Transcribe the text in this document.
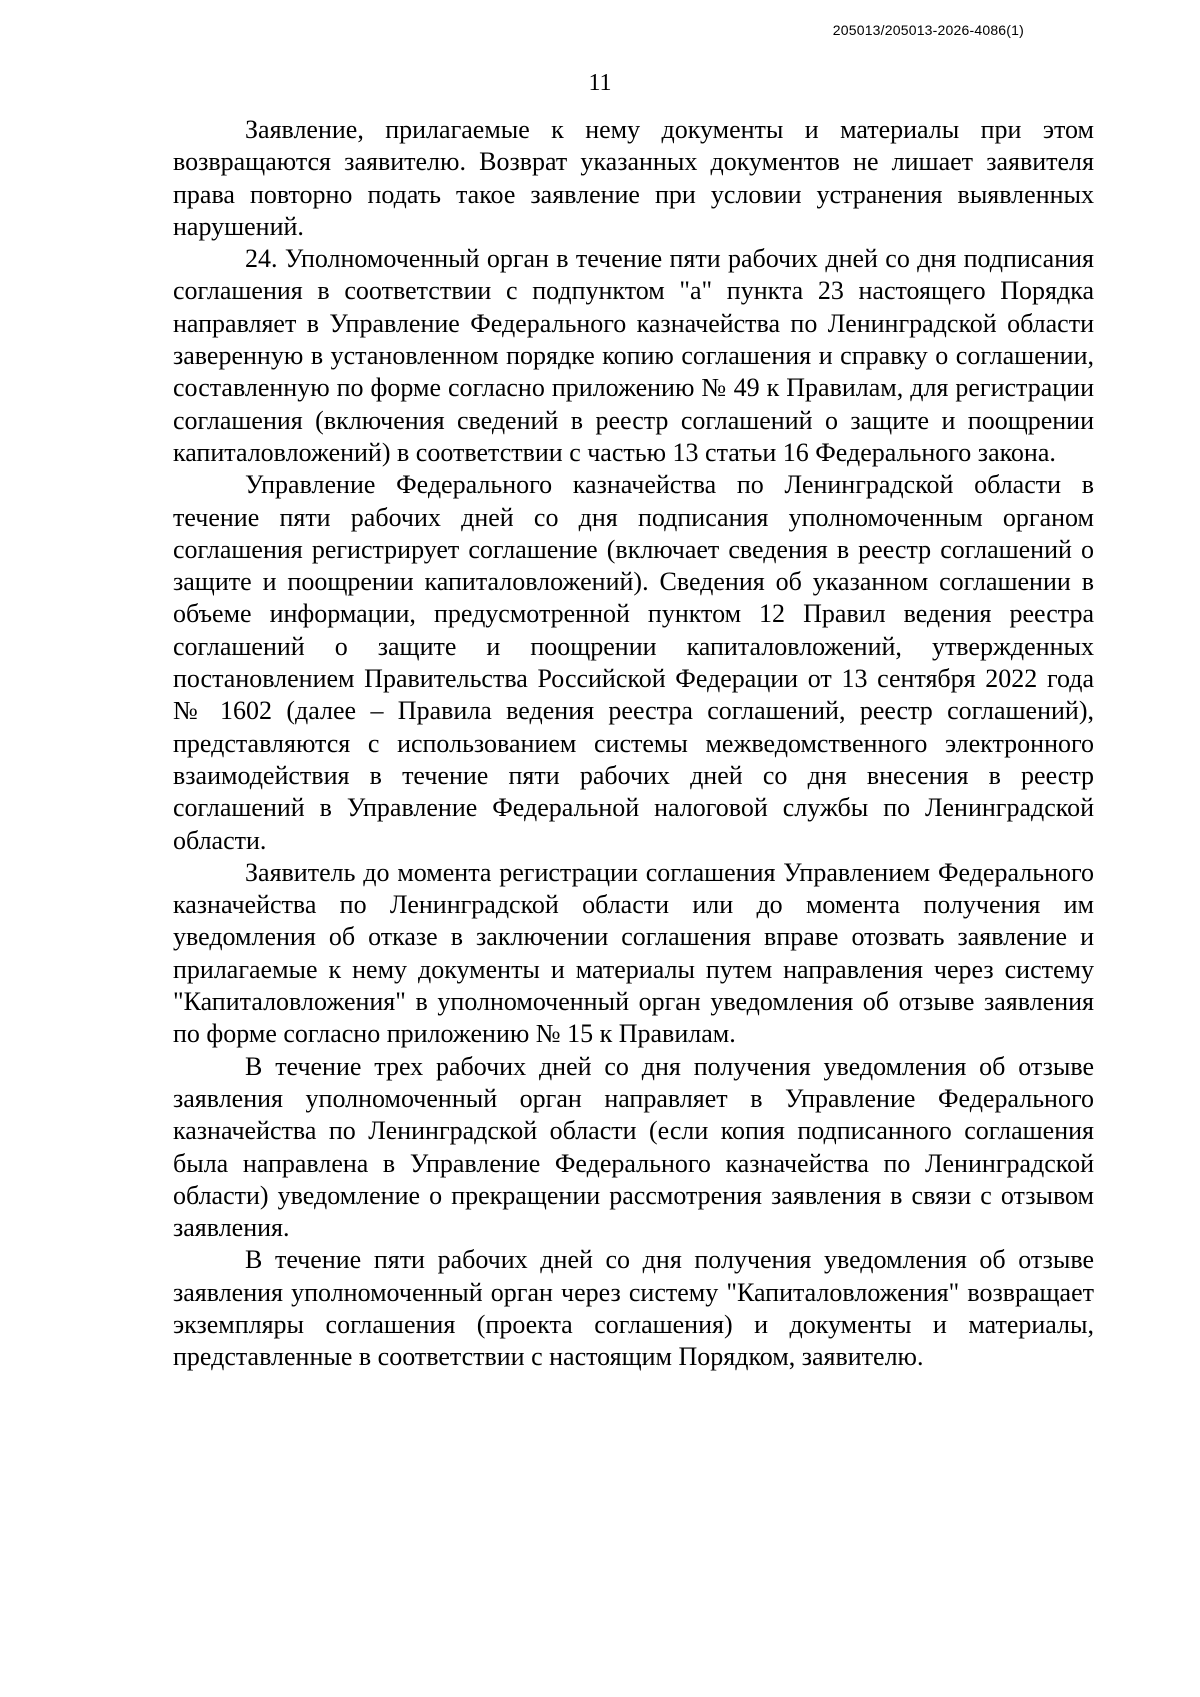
205013/205013-2026-4086(1)
11

Заявление, прилагаемые к нему документы и материалы при этом возвращаются заявителю. Возврат указанных документов не лишает заявителя права повторно подать такое заявление при условии устранения выявленных нарушений.

24. Уполномоченный орган в течение пяти рабочих дней со дня подписания соглашения в соответствии с подпунктом "а" пункта 23 настоящего Порядка направляет в Управление Федерального казначейства по Ленинградской области заверенную в установленном порядке копию соглашения и справку о соглашении, составленную по форме согласно приложению № 49 к Правилам, для регистрации соглашения (включения сведений в реестр соглашений о защите и поощрении капиталовложений) в соответствии с частью 13 статьи 16 Федерального закона.

Управление Федерального казначейства по Ленинградской области в течение пяти рабочих дней со дня подписания уполномоченным органом соглашения регистрирует соглашение (включает сведения в реестр соглашений о защите и поощрении капиталовложений). Сведения об указанном соглашении в объеме информации, предусмотренной пунктом 12 Правил ведения реестра соглашений о защите и поощрении капиталовложений, утвержденных постановлением Правительства Российской Федерации от 13 сентября 2022 года № 1602 (далее – Правила ведения реестра соглашений, реестр соглашений), представляются с использованием системы межведомственного электронного взаимодействия в течение пяти рабочих дней со дня внесения в реестр соглашений в Управление Федеральной налоговой службы по Ленинградской области.

Заявитель до момента регистрации соглашения Управлением Федерального казначейства по Ленинградской области или до момента получения им уведомления об отказе в заключении соглашения вправе отозвать заявление и прилагаемые к нему документы и материалы путем направления через систему "Капиталовложения" в уполномоченный орган уведомления об отзыве заявления по форме согласно приложению № 15 к Правилам.

В течение трех рабочих дней со дня получения уведомления об отзыве заявления уполномоченный орган направляет в Управление Федерального казначейства по Ленинградской области (если копия подписанного соглашения была направлена в Управление Федерального казначейства по Ленинградской области) уведомление о прекращении рассмотрения заявления в связи с отзывом заявления.

В течение пяти рабочих дней со дня получения уведомления об отзыве заявления уполномоченный орган через систему "Капиталовложения" возвращает экземпляры соглашения (проекта соглашения) и документы и материалы, представленные в соответствии с настоящим Порядком, заявителю.
